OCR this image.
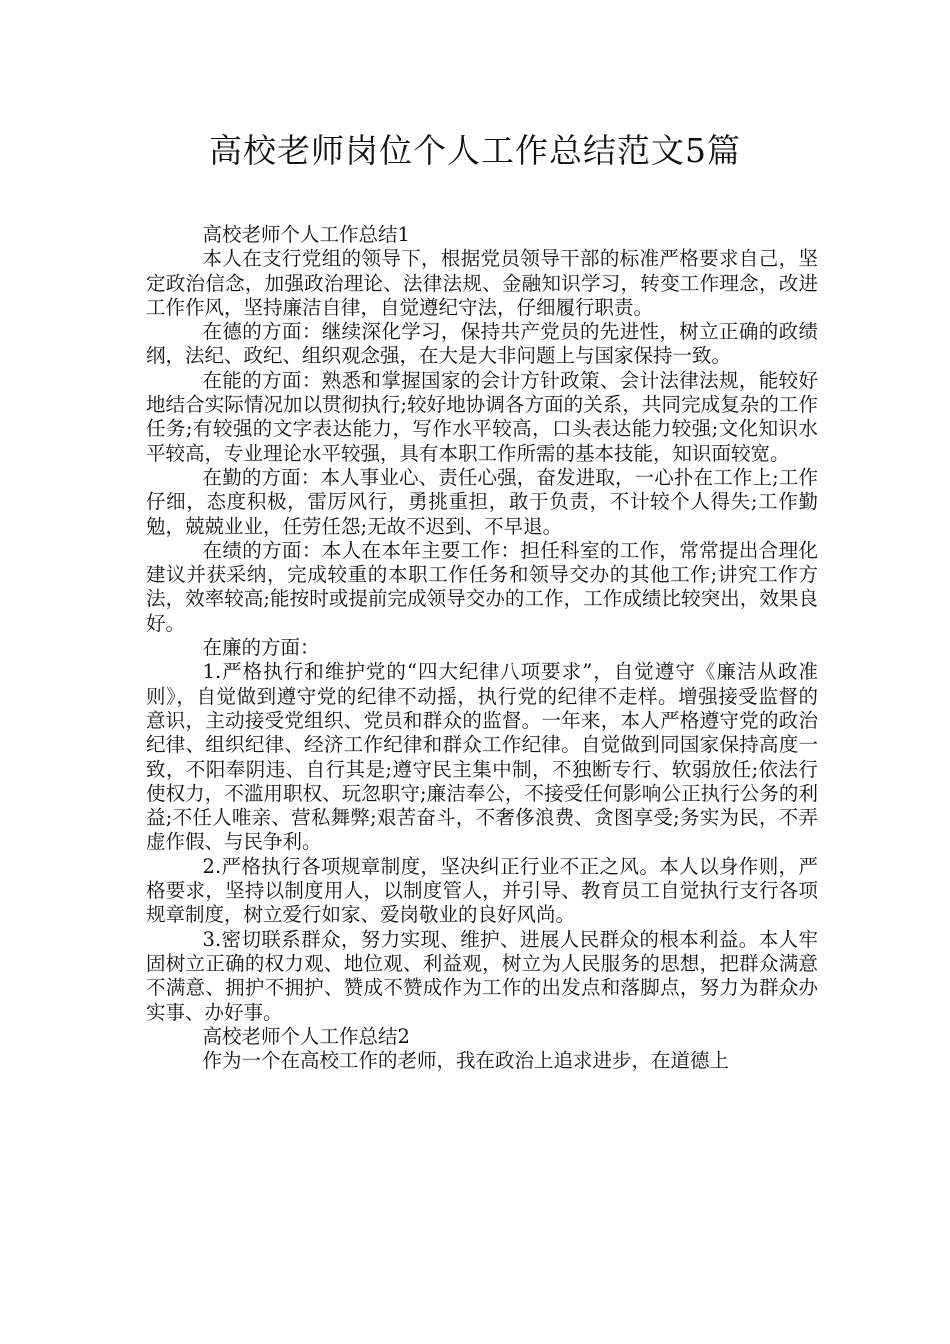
高校老师岗位个人工作总结范文5篇

高校老师个人工作总结1

本人在支行党组的领导下，根据党员领导干部的标准严格要求自己，坚定政治信念，加强政治理论、法律法规、金融知识学习，转变工作理念，改进工作作风，坚持廉洁自律，自觉遵纪守法，仔细履行职责。

在德的方面：继续深化学习，保持共产党员的先进性，树立正确的政绩纲，法纪、政纪、组织观念强，在大是大非问题上与国家保持一致。

在能的方面：熟悉和掌握国家的会计方针政策、会计法律法规，能较好地结合实际情况加以贯彻执行;较好地协调各方面的关系，共同完成复杂的工作任务;有较强的文字表达能力，写作水平较高，口头表达能力较强;文化知识水平较高，专业理论水平较强，具有本职工作所需的基本技能，知识面较宽。

在勤的方面：本人事业心、责任心强，奋发进取，一心扑在工作上;工作仔细，态度积极，雷厉风行，勇挑重担，敢于负责，不计较个人得失;工作勤勉，兢兢业业，任劳任怨;无故不迟到、不早退。

在绩的方面：本人在本年主要工作：担任科室的工作，常常提出合理化建议并获采纳，完成较重的本职工作任务和领导交办的其他工作;讲究工作方法，效率较高;能按时或提前完成领导交办的工作，工作成绩比较突出，效果良好。

在廉的方面：

1.严格执行和维护党的“四大纪律八项要求”，自觉遵守《廉洁从政准则》，自觉做到遵守党的纪律不动摇，执行党的纪律不走样。增强接受监督的意识，主动接受党组织、党员和群众的监督。一年来，本人严格遵守党的政治纪律、组织纪律、经济工作纪律和群众工作纪律。自觉做到同国家保持高度一致，不阳奉阴违、自行其是;遵守民主集中制，不独断专行、软弱放任;依法行使权力，不滥用职权、玩忽职守;廉洁奉公，不接受任何影响公正执行公务的利益;不任人唯亲、营私舞弊;艰苦奋斗，不奢侈浪费、贪图享受;务实为民，不弄虚作假、与民争利。

2.严格执行各项规章制度，坚决纠正行业不正之风。本人以身作则，严格要求，坚持以制度用人，以制度管人，并引导、教育员工自觉执行支行各项规章制度，树立爱行如家、爱岗敬业的良好风尚。

3.密切联系群众，努力实现、维护、进展人民群众的根本利益。本人牢固树立正确的权力观、地位观、利益观，树立为人民服务的思想，把群众满意不满意、拥护不拥护、赞成不赞成作为工作的出发点和落脚点，努力为群众办实事、办好事。

高校老师个人工作总结2

作为一个在高校工作的老师，我在政治上追求进步，在道德上
